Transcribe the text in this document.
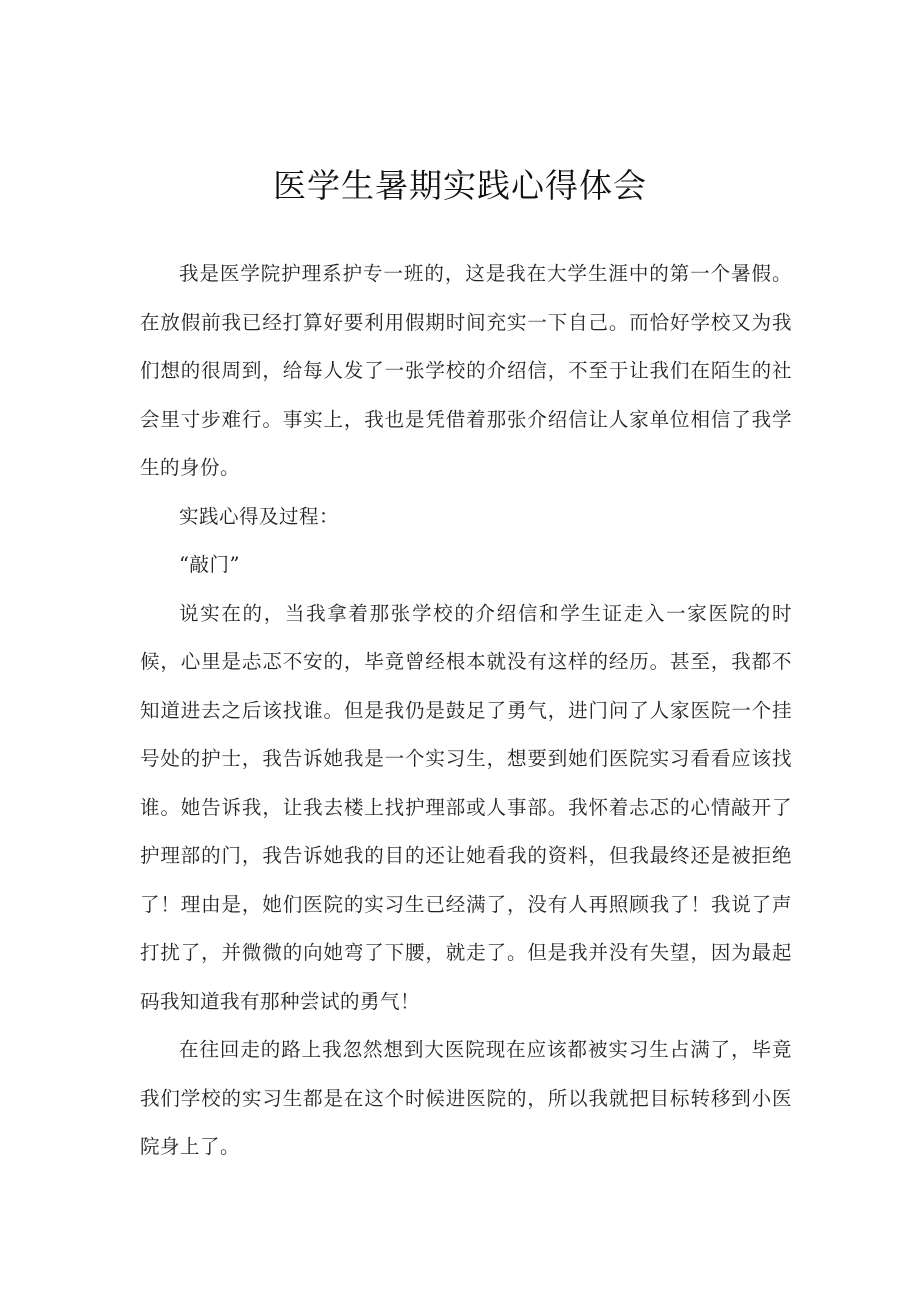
医学生暑期实践心得体会

我是医学院护理系护专一班的，这是我在大学生涯中的第一个暑假。在放假前我已经打算好要利用假期时间充实一下自己。而恰好学校又为我们想的很周到，给每人发了一张学校的介绍信，不至于让我们在陌生的社会里寸步难行。事实上，我也是凭借着那张介绍信让人家单位相信了我学生的身份。

实践心得及过程：

“敲门”

说实在的，当我拿着那张学校的介绍信和学生证走入一家医院的时候，心里是忐忑不安的，毕竟曾经根本就没有这样的经历。甚至，我都不知道进去之后该找谁。但是我仍是鼓足了勇气，进门问了人家医院一个挂号处的护士，我告诉她我是一个实习生，想要到她们医院实习看看应该找谁。她告诉我，让我去楼上找护理部或人事部。我怀着忐忑的心情敲开了护理部的门，我告诉她我的目的还让她看我的资料，但我最终还是被拒绝了！理由是，她们医院的实习生已经满了，没有人再照顾我了！我说了声打扰了，并微微的向她弯了下腰，就走了。但是我并没有失望，因为最起码我知道我有那种尝试的勇气！

在往回走的路上我忽然想到大医院现在应该都被实习生占满了，毕竟我们学校的实习生都是在这个时候进医院的，所以我就把目标转移到小医院身上了。
